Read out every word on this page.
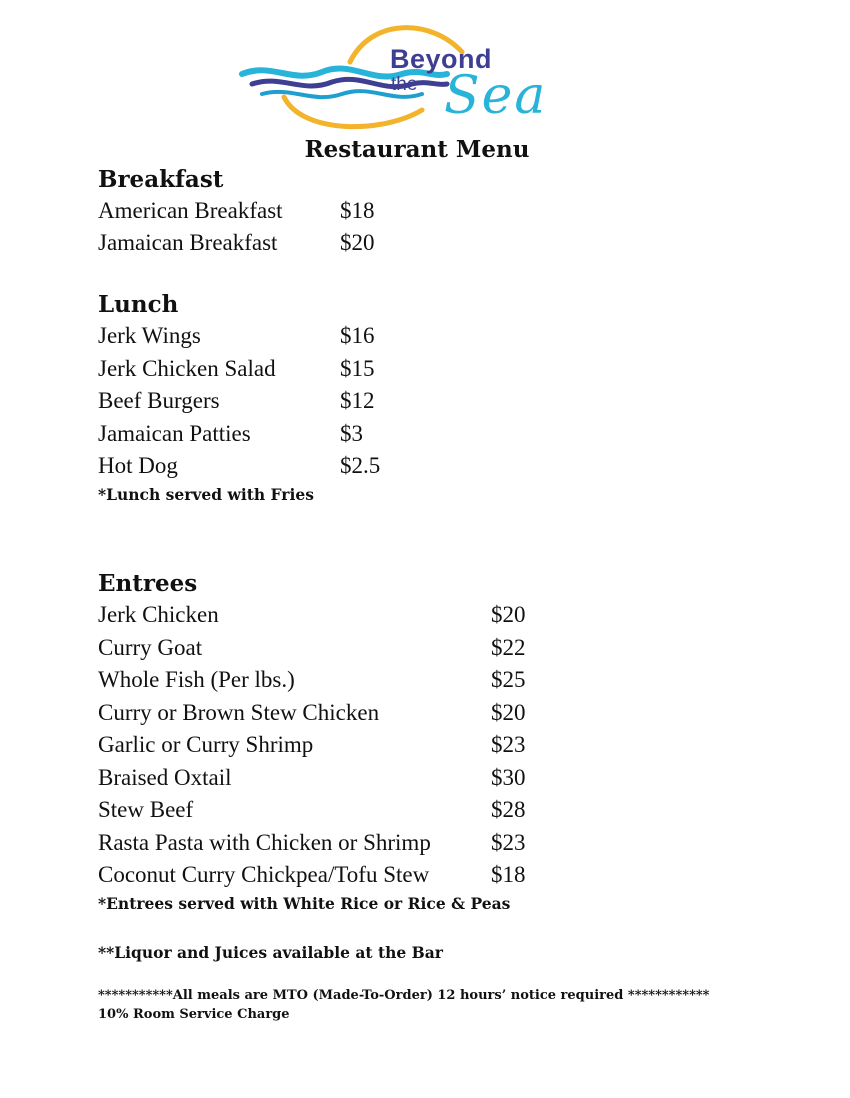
Beyond
the Sea
Restaurant Menu
Breakfast
American Breakfast $18
Jamaican Breakfast	$20
Lunch
Jerk Wings	$16
Jerk Chicken Salad	$15
Beef Burgers	$12
Jamaican Patties	$3
Hot Dog	$2.5
*Lunch served with Fries
Entrees
Jerk Chicken	$20
Curry Goat	$22
Whole Fish (Per lbs.)	$25
Curry or Brown Stew Chicken	$20
Garlic or Curry Shrimp	$23
Braised Oxtail	$30
Stew Beef	$28
Rasta Pasta with Chicken or Shrimp	$23
Coconut Curry Chickpea/Tofu Stew	$18
*Entrees served with White Rice or Rice & Peas
**Liquor and Juices available at the Bar
***********All meals are MTO (Made-To-Order) 12 hours’ notice required ************
10% Room Service Charge
